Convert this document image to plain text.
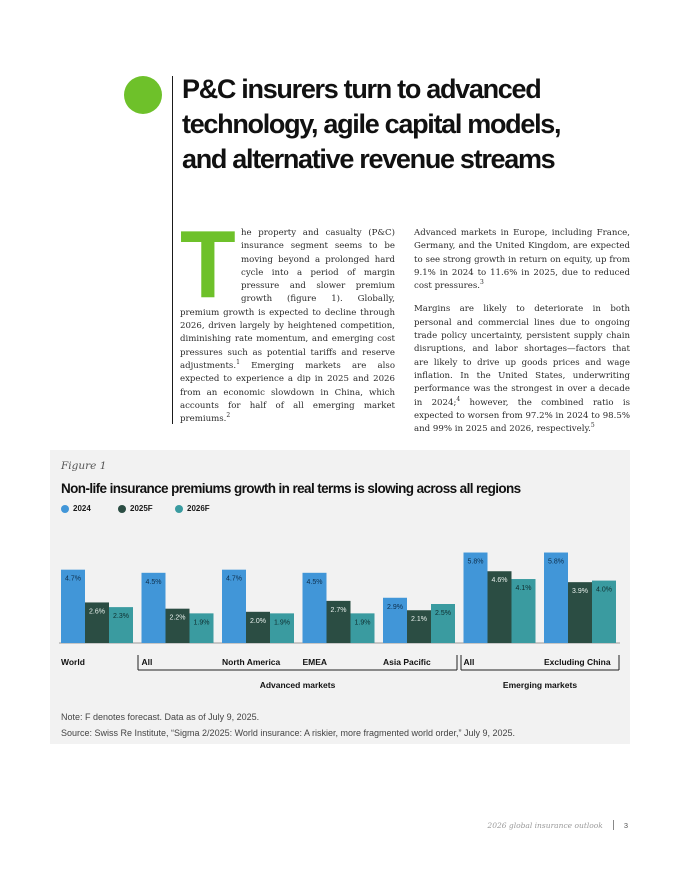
P&C insurers turn to advanced
technology, agile capital models,
and alternative revenue streams

T he property and casualty (P&C) insurance segment seems to be moving beyond a prolonged hard cycle into a period of margin pressure and slower premium growth (figure 1). Globally, premium growth is expected to decline through 2026, driven largely by heightened competition, diminishing rate momentum, and emerging cost pressures such as potential tariffs and reserve adjustments.$^1$ Emerging markets are also expected to experience a dip in 2025 and 2026 from an economic slowdown in China, which accounts for half of all emerging market premiums.$^2$

Advanced markets in Europe, including France, Germany, and the United Kingdom, are expected to see strong growth in return on equity, up from 9.1% in 2024 to 11.6% in 2025, due to reduced cost pressures.$^3$

Margins are likely to deteriorate in both personal and commercial lines due to ongoing trade policy uncertainty, persistent supply chain disruptions, and labor shortages—factors that are likely to drive up goods prices and wage inflation. In the United States, underwriting performance was the strongest in over a decade in 2024;$^4$ however, the combined ratio is expected to worsen from 97.2% in 2024 to 98.5% and 99% in 2025 and 2026, respectively.$^5$

Figure 1
Non-life insurance premiums growth in real terms is slowing across all regions
2024	2025F	2026F
4.7%
2.6%
2.3%
World
4.5%
2.2%
1.9%
All
4.7%
2.0% 1.9%
North America
4.5%
2.7%
1.9%
EMEA
2.9%
2.1%
2.5%
Asia Pacific
5.8%
4.6%
4.1%
All
5.8%
3.9% 4.0%
Excluding China
Advanced markets	Emerging markets
Note: F denotes forecast. Data as of July 9, 2025.
Source: Swiss Re Institute, “Sigma 2/2025: World insurance: A riskier, more fragmented world order,” July 9, 2025.
2026 global insurance outlook	3
